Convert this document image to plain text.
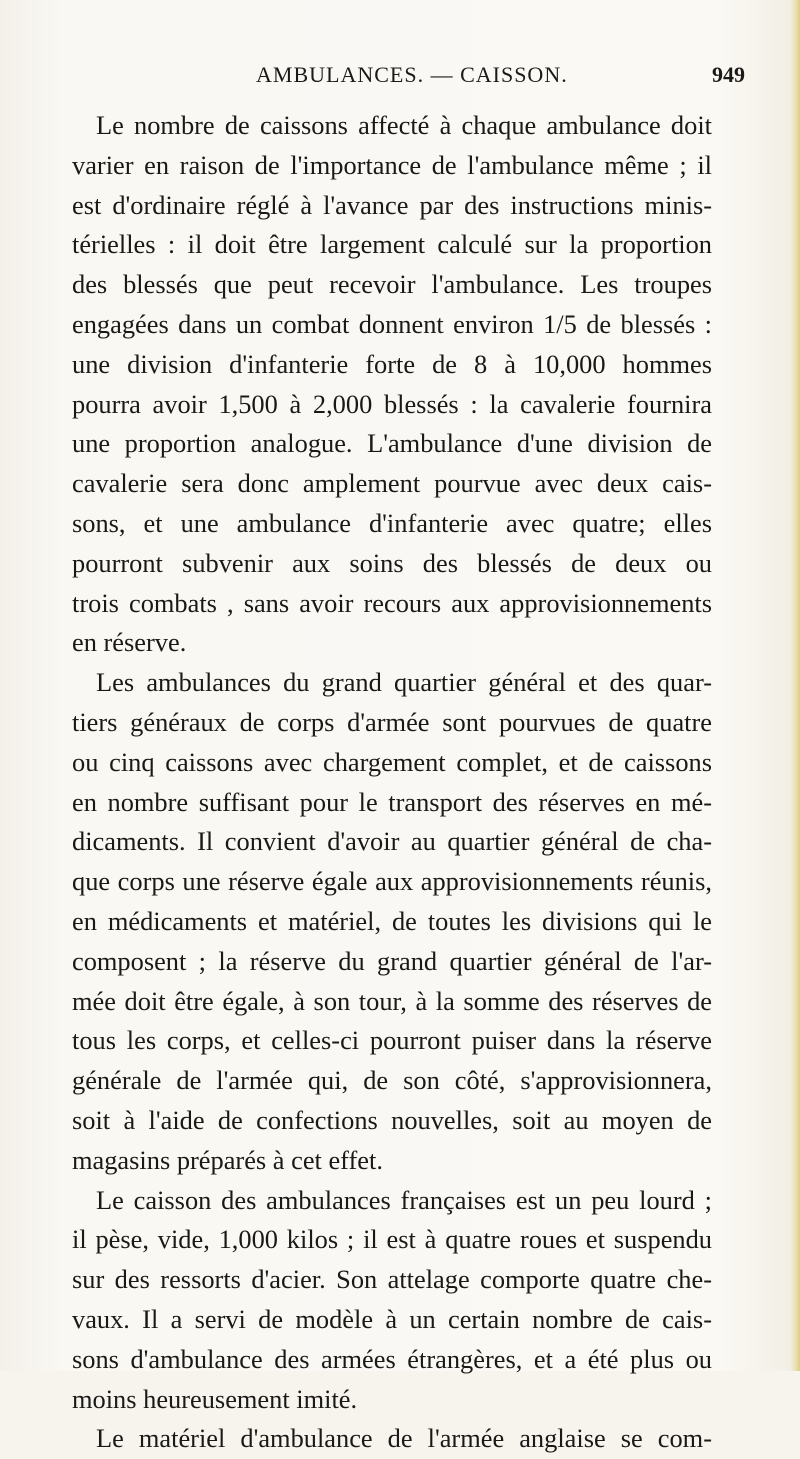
AMBULANCES. — CAISSON.	949
Le nombre de caissons affecté à chaque ambulance doit
varier en raison de l'importance de l'ambulance même ; il
est d'ordinaire réglé à l'avance par des instructions minis-
térielles : il doit être largement calculé sur la proportion
des blessés que peut recevoir l'ambulance. Les troupes
engagées dans un combat donnent environ 1/5 de blessés :
une division d'infanterie forte de 8 à 10,000 hommes
pourra avoir 1,500 à 2,000 blessés : la cavalerie fournira
une proportion analogue. L'ambulance d'une division de
cavalerie sera donc amplement pourvue avec deux cais-
sons, et une ambulance d'infanterie avec quatre; elles
pourront subvenir aux soins des blessés de deux ou
trois combats , sans avoir recours aux approvisionnements
en réserve.
Les ambulances du grand quartier général et des quar-
tiers généraux de corps d'armée sont pourvues de quatre
ou cinq caissons avec chargement complet, et de caissons
en nombre suffisant pour le transport des réserves en mé-
dicaments. Il convient d'avoir au quartier général de cha-
que corps une réserve égale aux approvisionnements réunis,
en médicaments et matériel, de toutes les divisions qui le
composent ; la réserve du grand quartier général de l'ar-
mée doit être égale, à son tour, à la somme des réserves de
tous les corps, et celles-ci pourront puiser dans la réserve
générale de l'armée qui, de son côté, s'approvisionnera,
soit à l'aide de confections nouvelles, soit au moyen de
magasins préparés à cet effet.
Le caisson des ambulances françaises est un peu lourd ;
il pèse, vide, 1,000 kilos ; il est à quatre roues et suspendu
sur des ressorts d'acier. Son attelage comporte quatre che-
vaux. Il a servi de modèle à un certain nombre de cais-
sons d'ambulance des armées étrangères, et a été plus ou
moins heureusement imité.
Le matériel d'ambulance de l'armée anglaise se com-
